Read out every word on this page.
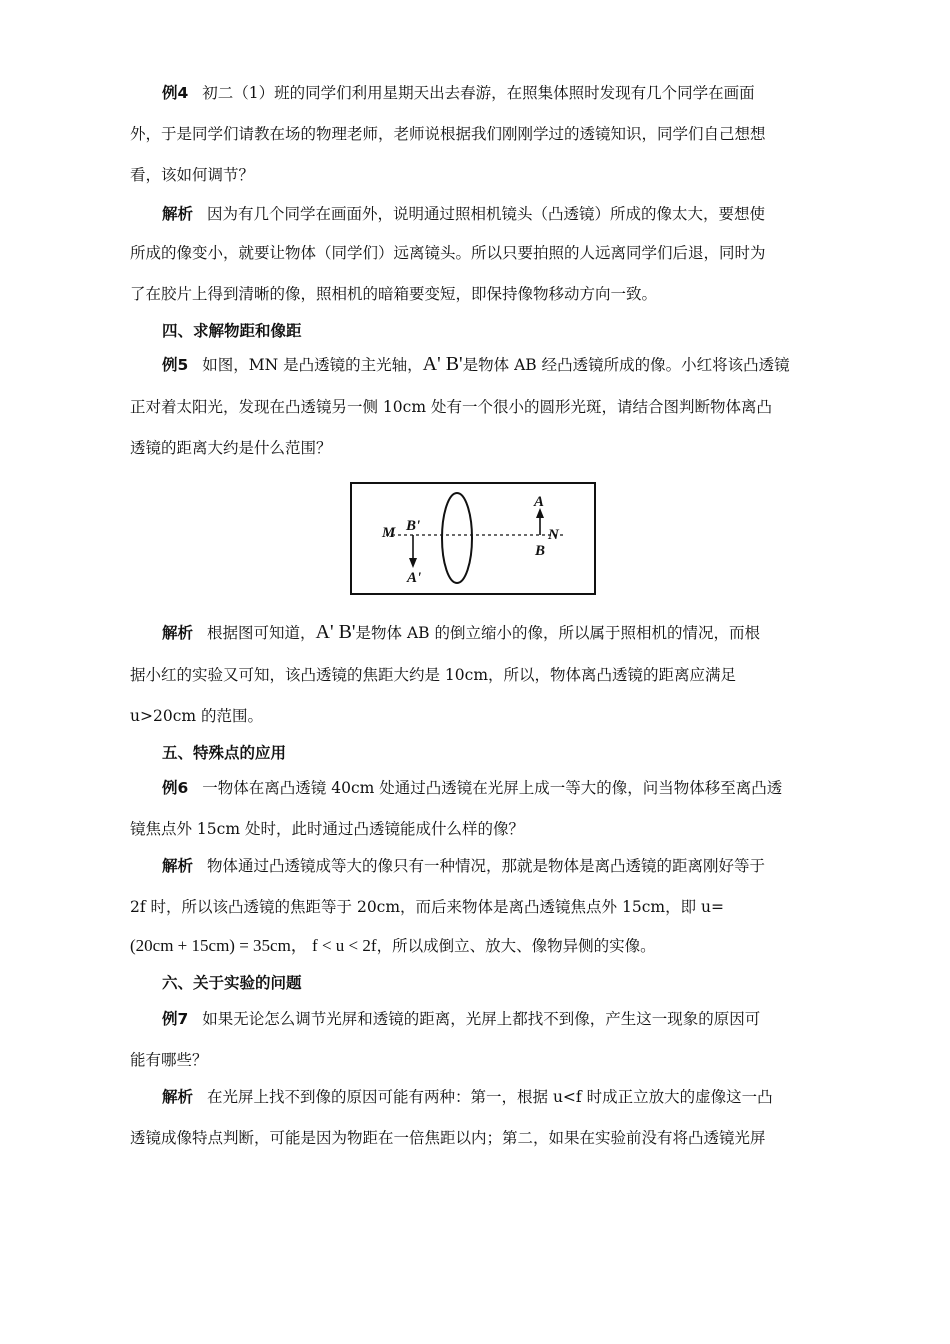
例4 初二（1）班的同学们利用星期天出去春游，在照集体照时发现有几个同学在画面
外，于是同学们请教在场的物理老师，老师说根据我们刚刚学过的透镜知识，同学们自己想想
看，该如何调节？
解析 因为有几个同学在画面外，说明通过照相机镜头（凸透镜）所成的像太大，要想使
所成的像变小，就要让物体（同学们）远离镜头。所以只要拍照的人远离同学们后退，同时为
了在胶片上得到清晰的像，照相机的暗箱要变短，即保持像物移动方向一致。
四、求解物距和像距
例5 如图，MN 是凸透镜的主光轴，A' B'是物体 AB 经凸透镜所成的像。小红将该凸透镜
正对着太阳光，发现在凸透镜另一侧 10cm 处有一个很小的圆形光斑，请结合图判断物体离凸
透镜的距离大约是什么范围？
M B'
A'
A
B
N
解析 根据图可知道，A' B'是物体 AB 的倒立缩小的像，所以属于照相机的情况，而根
据小红的实验又可知，该凸透镜的焦距大约是 10cm，所以，物体离凸透镜的距离应满足
u>20cm 的范围。
五、特殊点的应用
例6 一物体在离凸透镜 40cm 处通过凸透镜在光屏上成一等大的像，问当物体移至离凸透
镜焦点外 15cm 处时，此时通过凸透镜能成什么样的像？
解析 物体通过凸透镜成等大的像只有一种情况，那就是物体是离凸透镜的距离刚好等于
2f 时，所以该凸透镜的焦距等于 20cm，而后来物体是离凸透镜焦点外 15cm，即 u=
(20cm + 15cm) = 35cm， f < u < 2f，所以成倒立、放大、像物异侧的实像。
六、关于实验的问题
例7 如果无论怎么调节光屏和透镜的距离，光屏上都找不到像，产生这一现象的原因可
能有哪些？
解析 在光屏上找不到像的原因可能有两种：第一，根据 u<f 时成正立放大的虚像这一凸
透镜成像特点判断，可能是因为物距在一倍焦距以内；第二，如果在实验前没有将凸透镜光屏
